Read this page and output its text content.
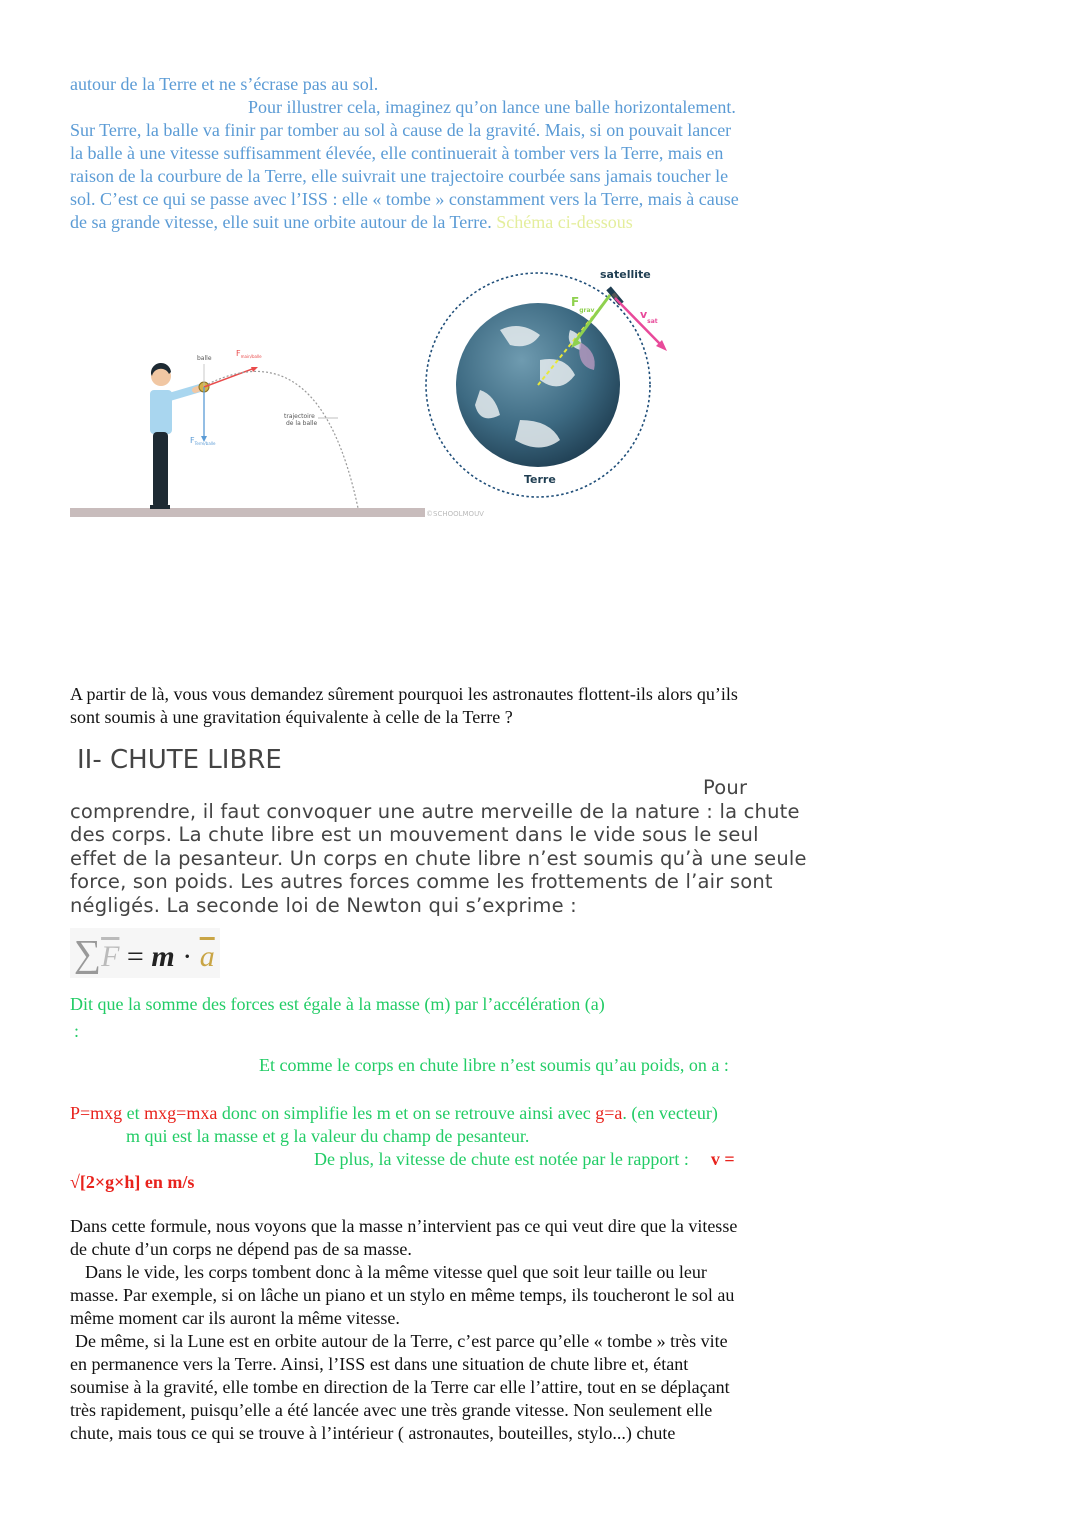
autour de la Terre et ne s’écrase pas au sol.
Pour illustrer cela, imaginez qu’on lance une balle horizontalement.
Sur Terre, la balle va finir par tomber au sol à cause de la gravité. Mais, si on pouvait lancer
la balle à une vitesse suffisamment élevée, elle continuerait à tomber vers la Terre, mais en
raison de la courbure de la Terre, elle suivrait une trajectoire courbée sans jamais toucher le
sol. C’est ce qui se passe avec l’ISS : elle « tombe » constamment vers la Terre, mais à cause
de sa grande vitesse, elle suit une orbite autour de la Terre. Schéma ci-dessous
©SCHOOLMOUV
balle
$F_{main/balle}$
$F_{Terre/balle}$
trajectoire de la balle
Terre
$F_{grav}$
satellite
$v_{sat}$
A partir de là, vous vous demandez sûrement pourquoi les astronautes flottent-ils alors qu’ils
sont soumis à une gravitation équivalente à celle de la Terre ?
II- CHUTE LIBRE
Pour
comprendre, il faut convoquer une autre merveille de la nature : la chute
des corps. La chute libre est un mouvement dans le vide sous le seul
effet de la pesanteur. Un corps en chute libre n’est soumis qu’à une seule
force, son poids. Les autres forces comme les frottements de l’air sont
négligés. La seconde loi de Newton qui s’exprime :
$\sum\overline{F} = m \cdot \overline{a}$
Dit que la somme des forces est égale à la masse (m) par l’accélération (a)
:
Et comme le corps en chute libre n’est soumis qu’au poids, on a :
P=mxg et mxg=mxa donc on simplifie les m et on se retrouve ainsi avec g=a. (en vecteur)
m qui est la masse et g la valeur du champ de pesanteur.
De plus, la vitesse de chute est notée par le rapport : v =
√[2×g×h] en m/s
Dans cette formule, nous voyons que la masse n’intervient pas ce qui veut dire que la vitesse
de chute d’un corps ne dépend pas de sa masse.
Dans le vide, les corps tombent donc à la même vitesse quel que soit leur taille ou leur
masse. Par exemple, si on lâche un piano et un stylo en même temps, ils toucheront le sol au
même moment car ils auront la même vitesse.
De même, si la Lune est en orbite autour de la Terre, c’est parce qu’elle « tombe » très vite
en permanence vers la Terre. Ainsi, l’ISS est dans une situation de chute libre et, étant
soumise à la gravité, elle tombe en direction de la Terre car elle l’attire, tout en se déplaçant
très rapidement, puisqu’elle a été lancée avec une très grande vitesse. Non seulement elle
chute, mais tous ce qui se trouve à l’intérieur ( astronautes, bouteilles, stylo...) chute
